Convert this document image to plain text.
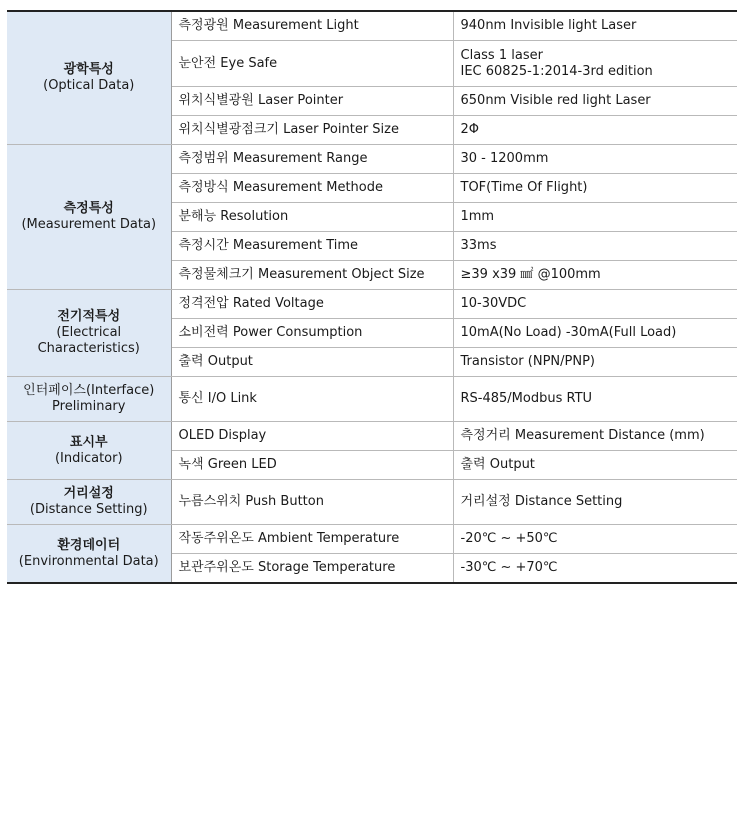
광학특성
(Optical Data)	측정광원 Measurement Light	940nm Invisible light Laser

	눈안전 Eye Safe	Class 1 laser
IEC 60825-1:2014-3rd edition

	위치식별광원 Laser Pointer	650nm Visible red light Laser

	위치식별광점크기 Laser Pointer Size	2Φ

측정특성
(Measurement Data)	측정범위 Measurement Range	30 - 1200mm

	측정방식 Measurement Methode	TOF(Time Of Flight)

	분해능 Resolution	1mm

	측정시간 Measurement Time	33ms

	측정물체크기 Measurement Object Size	≥39 x39 ㎟ @100mm

전기적특성
(Electrical
Characteristics)	정격전압 Rated Voltage	10-30VDC

	소비전력 Power Consumption	10mA(No Load) -30mA(Full Load)

	출력 Output	Transistor (NPN/PNP)

인터페이스(Interface)
Preliminary	통신 I/O Link	RS-485/Modbus RTU

표시부
(Indicator)	OLED Display	측정거리 Measurement Distance (mm)

	녹색 Green LED	출력 Output

거리설정
(Distance Setting)	누름스위치 Push Button	거리설정 Distance Setting

환경데이터
(Environmental Data)	작동주위온도 Ambient Temperature	-20℃ ~ +50℃

	보관주위온도 Storage Temperature	-30℃ ~ +70℃
